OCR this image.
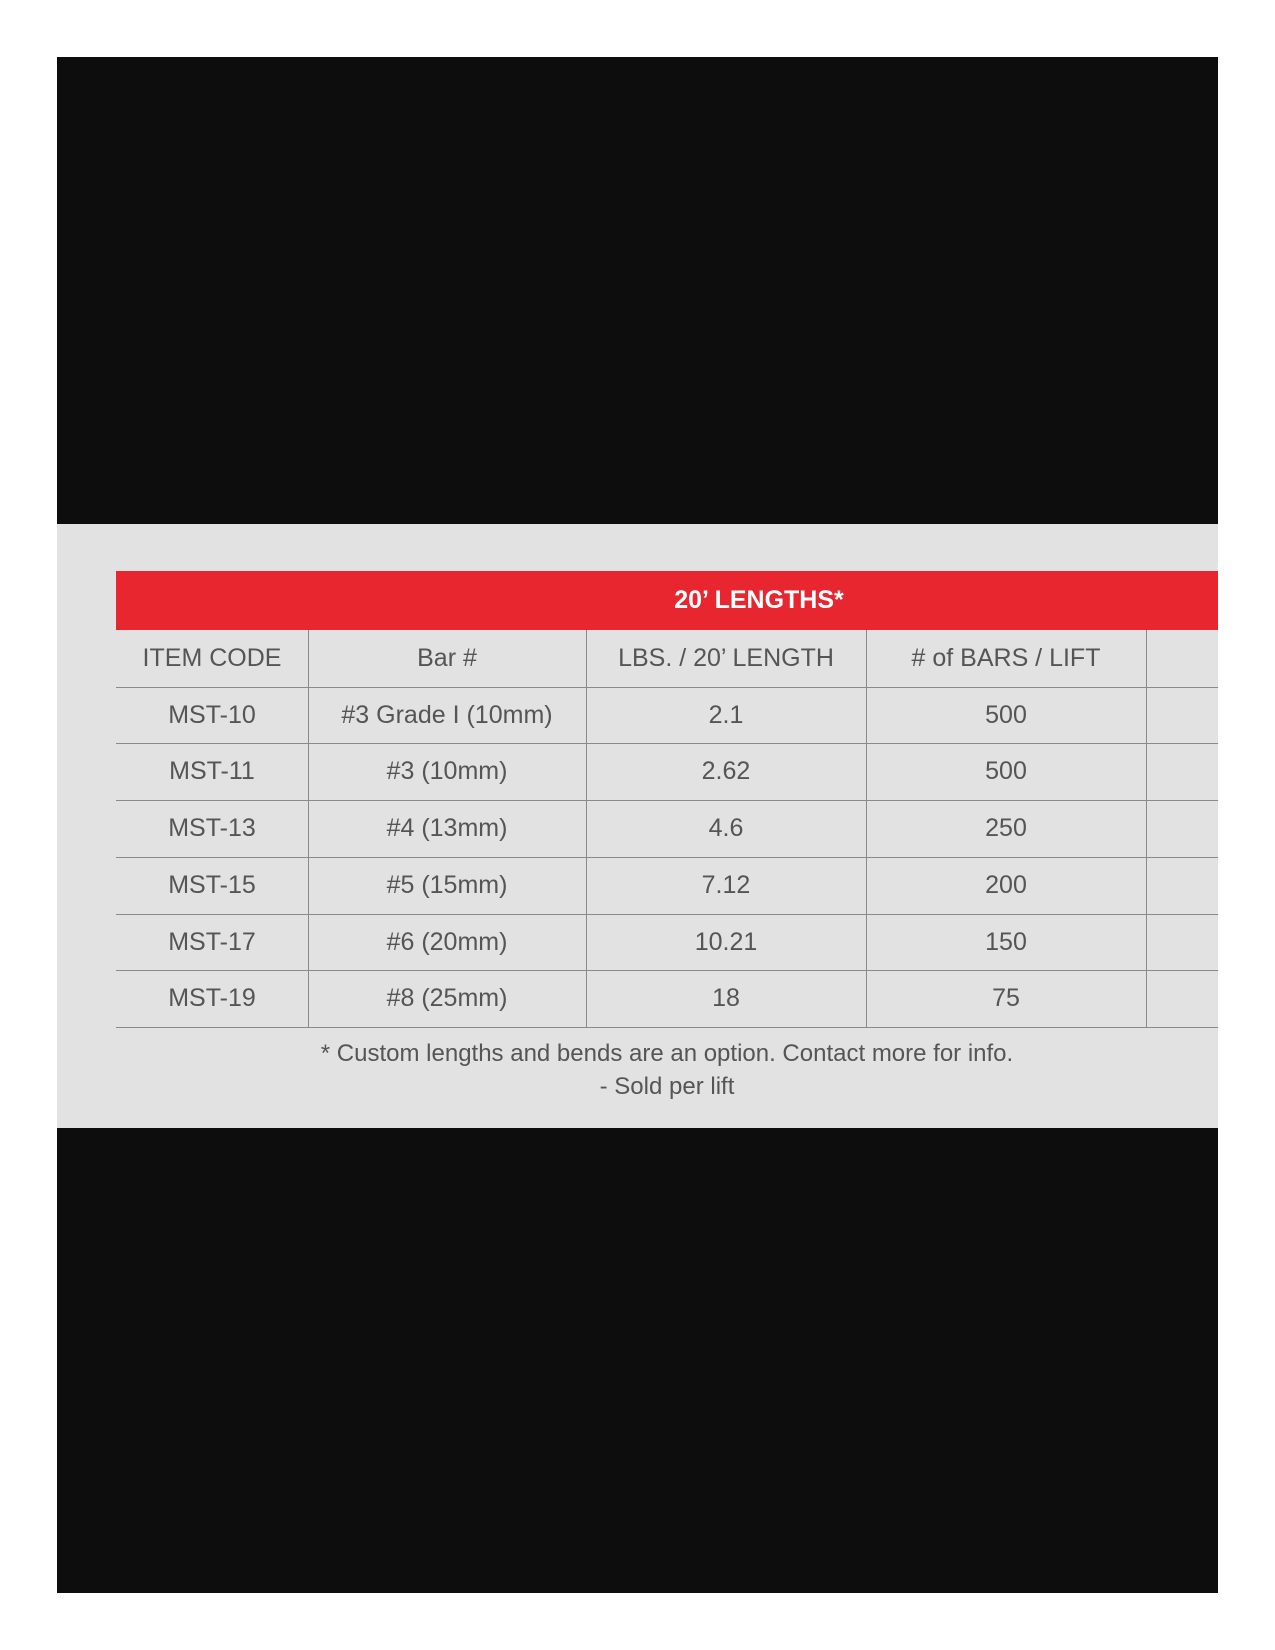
20’ LENGTHS*
ITEM CODE	Bar #	LBS. / 20’ LENGTH	# of BARS / LIFT
MST-10	#3 Grade I (10mm)	2.1	500
MST-11	#3 (10mm)	2.62	500
MST-13	#4 (13mm)	4.6	250
MST-15	#5 (15mm)	7.12	200
MST-17	#6 (20mm)	10.21	150
MST-19	#8 (25mm)	18	75
* Custom lengths and bends are an option. Contact more for info.
- Sold per lift
